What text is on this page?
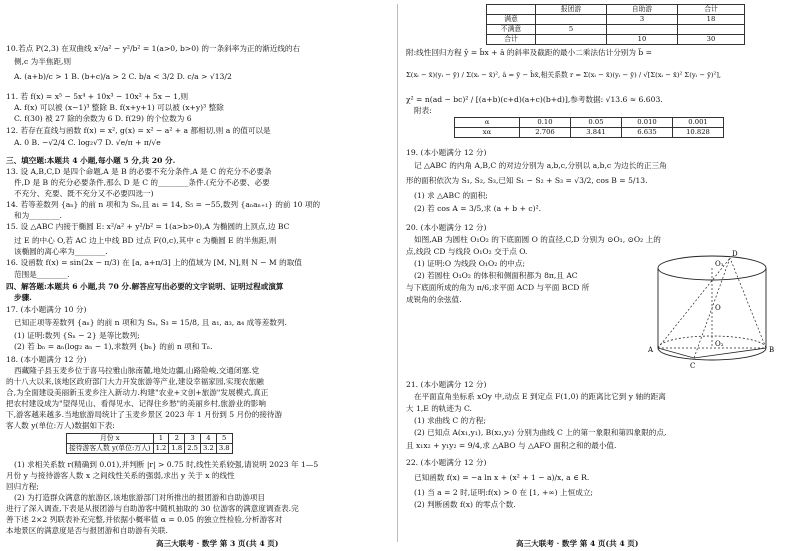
10.若点 P(2,3) 在双曲线 x²/a² − y²/b² = 1(a>0, b>0) 的一条斜率为正的渐近线的右
侧,c 为半焦距,则
A. (a+b)/c > 1 B. (b+c)/a > 2 C. b/a < 3/2 D. c/a > √13/2
11. 若 f(x) = x⁵ − 5x⁴ + 10x³ − 10x² + 5x − 1,则
A. f(x) 可以被 (x−1)³ 整除 B. f(x+y+1) 可以被 (x+y)³ 整除
C. f(30) 被 27 除的余数为 6 D. f(29) 的个位数为 6
12. 若存在直线与函数 f(x) = x², g(x) = x² − a² + a 都相切,则 a 的值可以是
A. 0 B. −√2/4 C. log₂√7 D. √e/π + π/√e
三、填空题:本题共 4 小题,每小题 5 分,共 20 分.
13. 设 A,B,C,D 是四个命题,A 是 B 的必要不充分条件,A 是 C 的充分不必要条
件,D 是 B 的充分必要条件,那么 D 是 C 的________条件.(充分不必要、必要
不充分、充要、既不充分又不必要四选一)
14. 若等差数列 {aₙ} 的前 n 项和为 Sₙ,且 a₁ = 14, S₅ = −55,数列 {aₙaₙ₊₁} 的前 10 项的
和为________.
15. 设 △ABC 内接于椭圆 E: x²/a² + y²/b² = 1(a>b>0),A 为椭圆的上顶点,边 BC
过 E 的中心 O,若 AC 边上中线 BD 过点 F(0,c),其中 c 为椭圆 E 的半焦距,则
该椭圆的离心率为________.
16. 设函数 f(x) = sin(2x − π/3) 在 [a, a+π/3] 上的值域为 [M, N],则 N − M 的取值
范围是________.
四、解答题:本题共 6 小题,共 70 分.解答应写出必要的文字说明、证明过程或演算
步骤.
17. (本小题满分 10 分)
已知正项等差数列 {aₙ} 的前 n 项和为 Sₙ, S₃ = 15/8, 且 a₁, a₃, a₄ 成等差数列.
(1) 证明:数列 {Sₙ − 2} 是等比数列;
(2) 若 bₙ = aₙ(log₂ aₙ − 1),求数列 {bₙ} 的前 n 项和 Tₙ.
18. (本小题满分 12 分)
西藏隆子县玉麦乡位于喜马拉雅山脉南麓,地处边疆,山路险峻,交通闭塞.党
的十八大以来,该地区政府部门大力开发旅游等产业,建设幸福家园,实现农旅融
合,为全面建设美丽新玉麦乡注入新动力.构建"农业+文创+旅游"发展模式,真正
把农村建设成为"望得见山、看得见水、记得住乡愁"的美丽乡村,旅游业的影响
下,游客越来越多.当地旅游局统计了玉麦乡景区 2023 年 1 月份到 5 月份的接待游
客人数 y(单位:万人)数据如下表:
月份 x	1	2	3	4	5
接待游客人数 y(单位:万人)	1.2	1.8	2.5	3.2	3.8
(1) 求相关系数 r(精确到 0.01),并判断 |r| > 0.75 时,线性关系较强,请说明 2023 年 1—5
月份 y 与接待游客人数 x 之间线性关系的强弱,求出 y 关于 x 的线性
回归方程;
(2) 为打造群众满意的旅游区,该地旅游部门对所推出的报团游和自助游项目
进行了深入调查,下表是从报团游与自助游客中随机抽取的 30 位游客的满意度调查表.完
善下述 2×2 列联表补充完整,并依据小概率值 α = 0.05 的独立性检验,分析游客对
本地景区的满意度是否与报团游和自助游有关联.
高三大联考 · 数学 第 3 页(共 4 页)
	报团游	自助游	合计
满意		3	18
不满意	5		
合计		10	30
附:线性回归方程 ŷ = b̂x + â 的斜率及截距的最小二乘法估计分别为 b̂ =
Σ(xᵢ − x̄)(yᵢ − ȳ) / Σ(xᵢ − x̄)², â = ȳ − b̂x̄,相关系数 r = Σ(xᵢ − x̄)(yᵢ − ȳ) / √[Σ(xᵢ − x̄)² Σ(yᵢ − ȳ)²],
χ² = n(ad − bc)² / [(a+b)(c+d)(a+c)(b+d)],参考数据: √13.6 ≈ 6.603.
附表:
α	0.10	0.05	0.010	0.001
xα	2.706	3.841	6.635	10.828
19. (本小题满分 12 分)
记 △ABC 的内角 A,B,C 的对边分别为 a,b,c,分别以 a,b,c 为边长的正三角
形的面积依次为 S₁, S₂, S₃,已知 S₁ − S₂ + S₃ = √3/2, cos B = 5/13.
(1) 求 △ABC 的面积;
(2) 若 cos A = 3/5,求 (a + b + c)².
20. (本小题满分 12 分)
如图,AB 为圆柱 O₁O₂ 的下底面圆 O 的直径,C,D 分别为 ⊙O₁, ⊙O₂ 上的
点,线段 CD 与线段 O₁O₂ 交于点 O.
(1) 证明:O 为线段 O₁O₂ 的中点;
(2) 若圆柱 O₁O₂ 的体积和侧面积都为 8π,且 AC
与下底面所成的角为 π/6,求平面 ACD 与平面 BCD 所
成锐角的余弦值.
O₁
D
O
A
O₂
B
C
21. (本小题满分 12 分)
在平面直角坐标系 xOy 中,动点 E 到定点 F(1,0) 的距离比它到 y 轴的距离
大 1,E 的轨迹为 C.
(1) 求曲线 C 的方程;
(2) 已知点 A(x₁,y₁), B(x₂,y₂) 分别为曲线 C 上的第一象限和第四象限的点,
且 x₁x₂ + y₁y₂ = 9/4,求 △ABO 与 △AFO 面积之和的最小值.
22. (本小题满分 12 分)
已知函数 f(x) = −a ln x + (x² + 1 − a)/x, a ∈ R.
(1) 当 a = 2 时,证明:f(x) > 0 在 [1, +∞) 上恒成立;
(2) 判断函数 f(x) 的零点个数.
高三大联考 · 数学 第 4 页(共 4 页)
